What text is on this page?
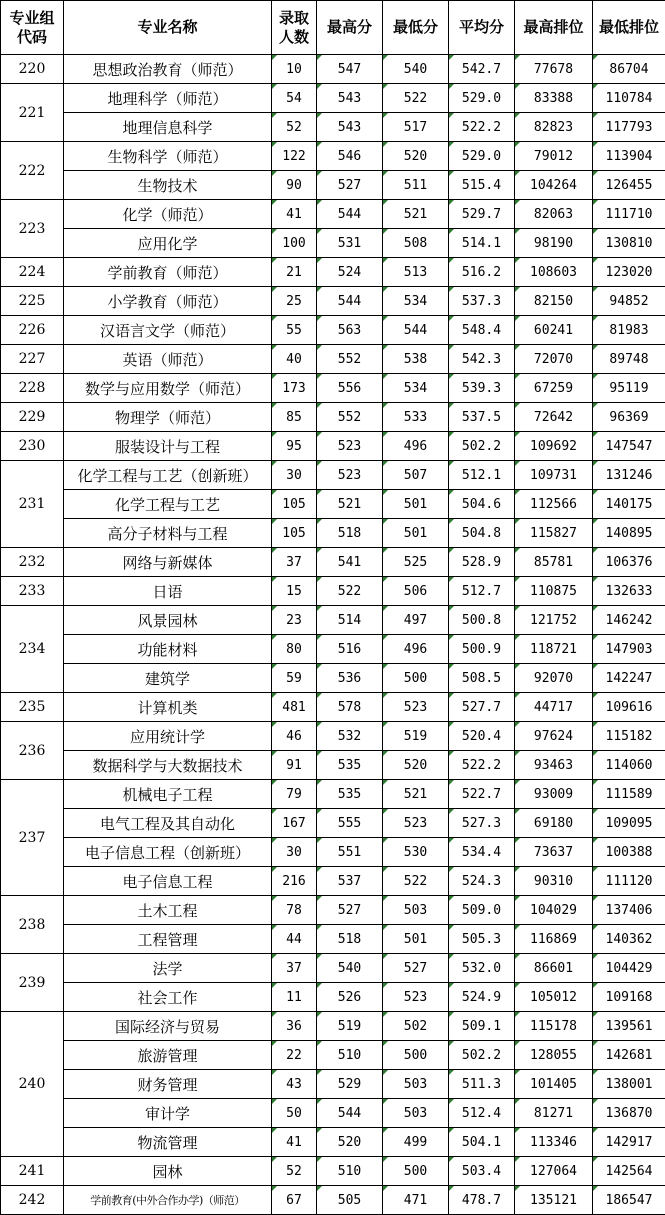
专业组代码	专业名称	录取人数	最高分	最低分	平均分	最高排位	最低排位
220	思想政治教育（师范）	10	547	540	542.7	77678	86704
221	地理科学（师范）	54	543	522	529.0	83388	110784
	地理信息科学	52	543	517	522.2	82823	117793
222	生物科学（师范）	122	546	520	529.0	79012	113904
	生物技术	90	527	511	515.4	104264	126455
223	化学（师范）	41	544	521	529.7	82063	111710
	应用化学	100	531	508	514.1	98190	130810
224	学前教育（师范）	21	524	513	516.2	108603	123020
225	小学教育（师范）	25	544	534	537.3	82150	94852
226	汉语言文学（师范）	55	563	544	548.4	60241	81983
227	英语（师范）	40	552	538	542.3	72070	89748
228	数学与应用数学（师范）	173	556	534	539.3	67259	95119
229	物理学（师范）	85	552	533	537.5	72642	96369
230	服装设计与工程	95	523	496	502.2	109692	147547
231	化学工程与工艺（创新班）	30	523	507	512.1	109731	131246
	化学工程与工艺	105	521	501	504.6	112566	140175
	高分子材料与工程	105	518	501	504.8	115827	140895
232	网络与新媒体	37	541	525	528.9	85781	106376
233	日语	15	522	506	512.7	110875	132633
234	风景园林	23	514	497	500.8	121752	146242
	功能材料	80	516	496	500.9	118721	147903
	建筑学	59	536	500	508.5	92070	142247
235	计算机类	481	578	523	527.7	44717	109616
236	应用统计学	46	532	519	520.4	97624	115182
	数据科学与大数据技术	91	535	520	522.2	93463	114060
237	机械电子工程	79	535	521	522.7	93009	111589
	电气工程及其自动化	167	555	523	527.3	69180	109095
	电子信息工程（创新班）	30	551	530	534.4	73637	100388
	电子信息工程	216	537	522	524.3	90310	111120
238	土木工程	78	527	503	509.0	104029	137406
	工程管理	44	518	501	505.3	116869	140362
239	法学	37	540	527	532.0	86601	104429
	社会工作	11	526	523	524.9	105012	109168
240	国际经济与贸易	36	519	502	509.1	115178	139561
	旅游管理	22	510	500	502.2	128055	142681
	财务管理	43	529	503	511.3	101405	138001
	审计学	50	544	503	512.4	81271	136870
	物流管理	41	520	499	504.1	113346	142917
241	园林	52	510	500	503.4	127064	142564
242	学前教育(中外合作办学)（师范）	67	505	471	478.7	135121	186547
